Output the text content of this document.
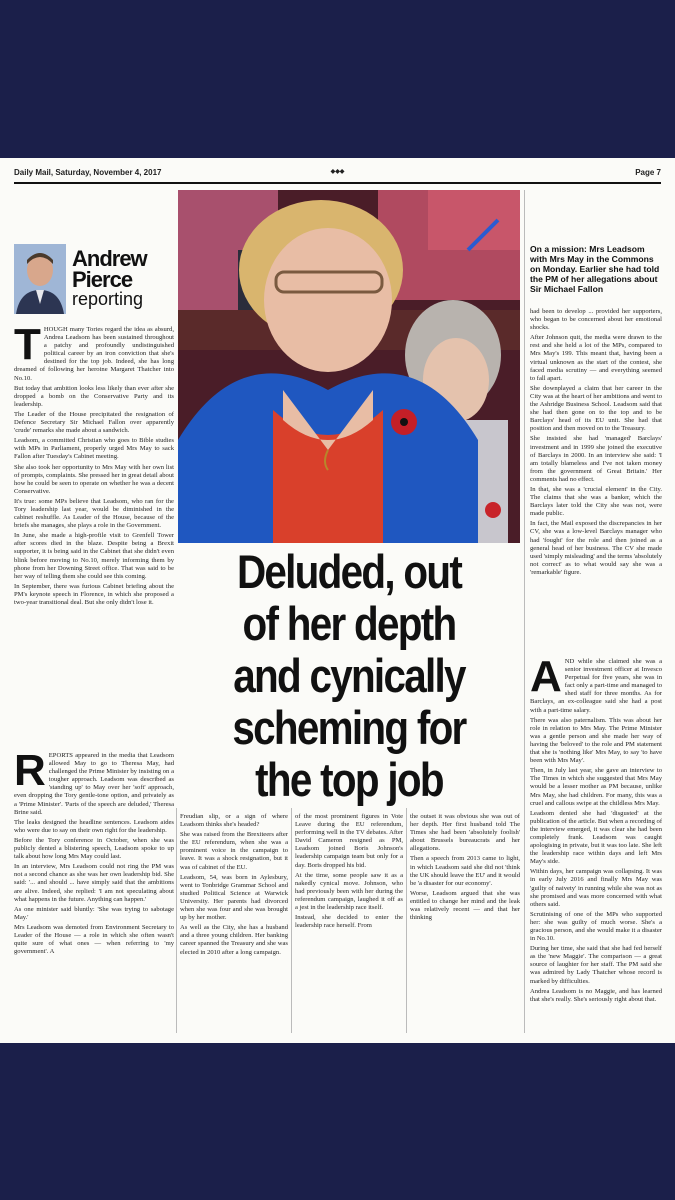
Daily Mail, Saturday, November 4, 2017	◆◆◆	Page 7
Deluded, out
of her depth
and cynically
scheming for
the top job
Andrew
Pierce
reporting
T HOUGH many Tories regard the idea as absurd, Andrea Leadsom has been sustained throughout a patchy and profoundly undistinguished political career by an iron conviction that she's destined for the top job. Indeed, she has long dreamed of following her heroine Margaret Thatcher into No.10.

But today that ambition looks less likely than ever after she dropped a bomb on the Conservative Party and its leadership.

The Leader of the House precipitated the resignation of Defence Secretary Sir Michael Fallon over apparently 'crude' remarks she made about a sandwich.

Leadsom, a committed Christian who goes to Bible studies with MPs in Parliament, properly urged Mrs May to sack Fallon after Tuesday's Cabinet meeting.

She also took her opportunity to Mrs May with her own list of prompts, complaints. She pressed her in great detail about how he could be seen to operate on whether he was a decent Conservative.

It's true: some MPs believe that Leadsom, who ran for the Tory leadership last year, would be diminished in the cabinet reshuffle. As Leader of the House, because of the briefs she manages, she plays a role in the Government.

In June, she made a high-profile visit to Grenfell Tower after scores died in the blaze. Despite being a Brexit supporter, it is being said in the Cabinet that she didn't even blink before moving to No.10, merely informing them by phone from her Downing Street office. That was said to be her way of telling them she could see this coming.

In September, there was furious Cabinet briefing about the PM's keynote speech in Florence, in which she proposed a two-year transitional deal. But she only didn't lose it.

R EPORTS appeared in the media that Leadsom allowed May to go to Theresa May, had challenged the Prime Minister by insisting on a tougher approach. Leadsom was described as 'standing up' to May over her 'soft' approach, even dropping the Tory gentle-tone option, and privately as a 'Prime Minister'. 'Parts of the speech are deluded,' Theresa Brine said.

The leaks designed the headline sentences. Leadsom aides who were due to say on their own right for the leadership.

Before the Tory conference in October, when she was publicly dented a blistering speech, Leadsom spoke to up talk about how long Mrs May could last.

In an interview, Mrs Leadsom could not ring the PM was not a second chance as she was her own leadership bid. She said: '... and should ... have simply said that the ambitions are alive. Indeed, she replied: 'I am not speculating about what happens in the future. Anything can happen.'

As one minister said bluntly: 'She was trying to sabotage May.'

Mrs Leadsom was demoted from Environment Secretary to Leader of the House — a role in which she often wasn't quite sure of what ones — when referring to 'my government'. A

Freudian slip, or a sign of where Leadsom thinks she's headed?

She was raised from the Brexiteers after the EU referendum, when she was a prominent voice in the campaign to leave. It was a shock resignation, but it was of cabinet of the EU.

Leadsom, 54, was born in Aylesbury, went to Tonbridge Grammar School and studied Political Science at Warwick University. Her parents had divorced when she was four and she was brought up by her mother.

As well as the City, she has a husband and a three young children. Her banking career spanned the Treasury and she was elected in 2010 after a long campaign.

of the most prominent figures in Vote Leave during the EU referendum, performing well in the TV debates. After David Cameron resigned as PM, Leadsom joined Boris Johnson's leadership campaign team but only for a day. Boris dropped his bid.

At the time, some people saw it as a nakedly cynical move. Johnson, who had previously been with her during the referendum campaign, laughed it off as a jest in the leadership race itself.

Instead, she decided to enter the leadership race herself. From

the outset it was obvious she was out of her depth. Her first husband told The Times she had been 'absolutely foolish' about Brussels bureaucrats and her allegations.

Then a speech from 2013 came to light, in which Leadsom said she did not 'think the UK should leave the EU' and it would be 'a disaster for our economy'.

Worse, Leadsom argued that she was entitled to change her mind and the leak was relatively recent — and that her thinking

On a mission: Mrs Leadsom with Mrs May in the Commons on Monday. Earlier she had told the PM of her allegations about Sir Michael Fallon

had been to develop ... provided her supporters, who began to be concerned about her emotional shocks.

After Johnson quit, the media were drawn to the rest and she held a lot of the MPs, compared to Mrs May's 199. This meant that, having been a virtual unknown as the start of the contest, she faced media scrutiny — and everything seemed to fall apart.

She downplayed a claim that her career in the City was at the heart of her ambitions and went to the Ashridge Business School. Leadsom said that she had then gone on to the top and to be Barclays' head of its EU unit. She had that position and then moved on to the Treasury.

She insisted she had 'managed' Barclays' investment and in 1999 she joined the executive of Barclays in 2000. In an interview she said: 'I am totally blameless and I've not taken money from the government of Great Britain.' Her comments had no effect.

In that, she was a 'crucial element' in the City. The claims that she was a banker, which the Barclays later told the City she was not, were made public.

In fact, the Mail exposed the discrepancies in her CV, she was a low-level Barclays manager who had 'fought' for the role and then joined as a general head of her business. The CV she made used 'simply misleading' and the terms 'absolutely not correct' as to what would say she was a 'remarkable' figure.

A ND while she claimed she was a senior investment officer at Invesco Perpetual for five years, she was in fact only a part-time and managed to shed staff for three months. As for Barclays, an ex-colleague said she had a post with a part-time salary.

There was also paternalism. This was about her role in relation to Mrs May. The Prime Minister was a gentle person and she made her way of having the 'beloved' to the role and PM statement that she is 'nothing like' Mrs May, to say 'to have been with Mrs May'.

Then, in July last year, she gave an interview to The Times in which she suggested that Mrs May would be a lesser mother as PM because, unlike Mrs May, she had children. For many, this was a cruel and callous swipe at the childless Mrs May.

Leadsom denied she had 'disgusted' at the publication of the article. But when a recording of the interview emerged, it was clear she had been completely frank. Leadsom was caught apologising in private, but it was too late. She left the leadership race within days and left Mrs May's side.

Within days, her campaign was collapsing. It was in early July 2016 and finally Mrs May was 'guilty of naivety' in running while she was not as she promised and was more concerned with what others said.

Scrutinising of one of the MPs who supported her: she was guilty of much worse. She's a gracious person, and she would make it a disaster in No.10.

During her time, she said that she had fed herself as the 'new Maggie'. The comparison — a great source of laughter for her staff. The PM said she was admired by Lady Thatcher whose record is marked by difficulties.

Andrea Leadsom is no Maggie, and has learned that she's really. She's seriously right about that.
